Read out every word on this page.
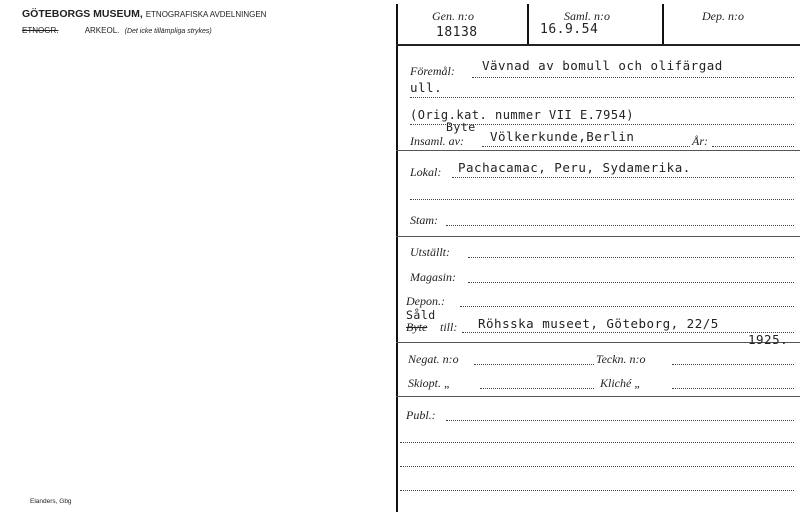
GÖTEBORGS MUSEUM, ETNOGRAFISKA AVDELNINGEN
ETNOGR.	ARKEOL. (Det icke tillämpliga strykes)
Elanders, Gbg
Gen. n:o
18138
Saml. n:o
16.9.54
Dep. n:o
Föremål: Vävnad av bomull och olifärgad
ull.
(Orig.kat. nummer VII E.7954)
Byte
Insaml. av: Völkerkunde,Berlin	År:
Lokal: Pachacamac, Peru, Sydamerika.
Stam:
Utställt:
Magasin:
Depon.:
Såld
Byte till: Röhsska museet, Göteborg, 22/5
1925.
Negat. n:o	Teckn. n:o
Skiopt. „	Kliché „
Publ.:
